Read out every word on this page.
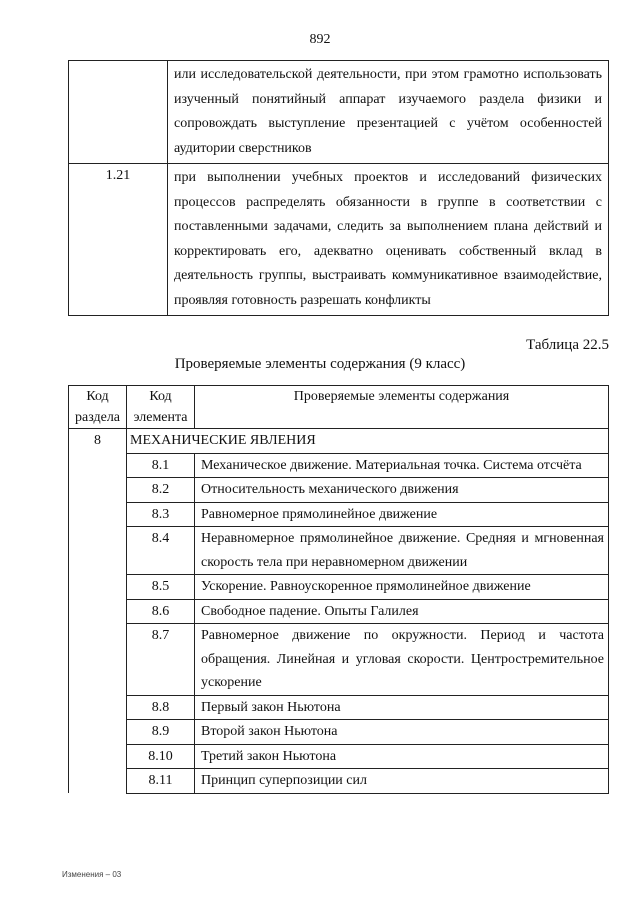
892
	или исследовательской деятельности, при этом грамотно использовать изученный понятийный аппарат изучаемого раздела физики и сопровождать выступление презентацией с учётом особенностей аудитории сверстников
1.21	при выполнении учебных проектов и исследований физических процессов распределять обязанности в группе в соответствии с поставленными задачами, следить за выполнением плана действий и корректировать его, адекватно оценивать собственный вклад в деятельность группы, выстраивать коммуникативное взаимодействие, проявляя готовность разрешать конфликты
Таблица 22.5
Проверяемые элементы содержания (9 класс)
Код раздела	Код элемента	Проверяемые элементы содержания
8	МЕХАНИЧЕСКИЕ ЯВЛЕНИЯ	
	8.1	Механическое движение. Материальная точка. Система отсчёта
	8.2	Относительность механического движения
	8.3	Равномерное прямолинейное движение
	8.4	Неравномерное прямолинейное движение. Средняя и мгновенная скорость тела при неравномерном движении
	8.5	Ускорение. Равноускоренное прямолинейное движение
	8.6	Свободное падение. Опыты Галилея
	8.7	Равномерное движение по окружности. Период и частота обращения. Линейная и угловая скорости. Центростремительное ускорение
	8.8	Первый закон Ньютона
	8.9	Второй закон Ньютона
	8.10	Третий закон Ньютона
	8.11	Принцип суперпозиции сил
Изменения – 03
